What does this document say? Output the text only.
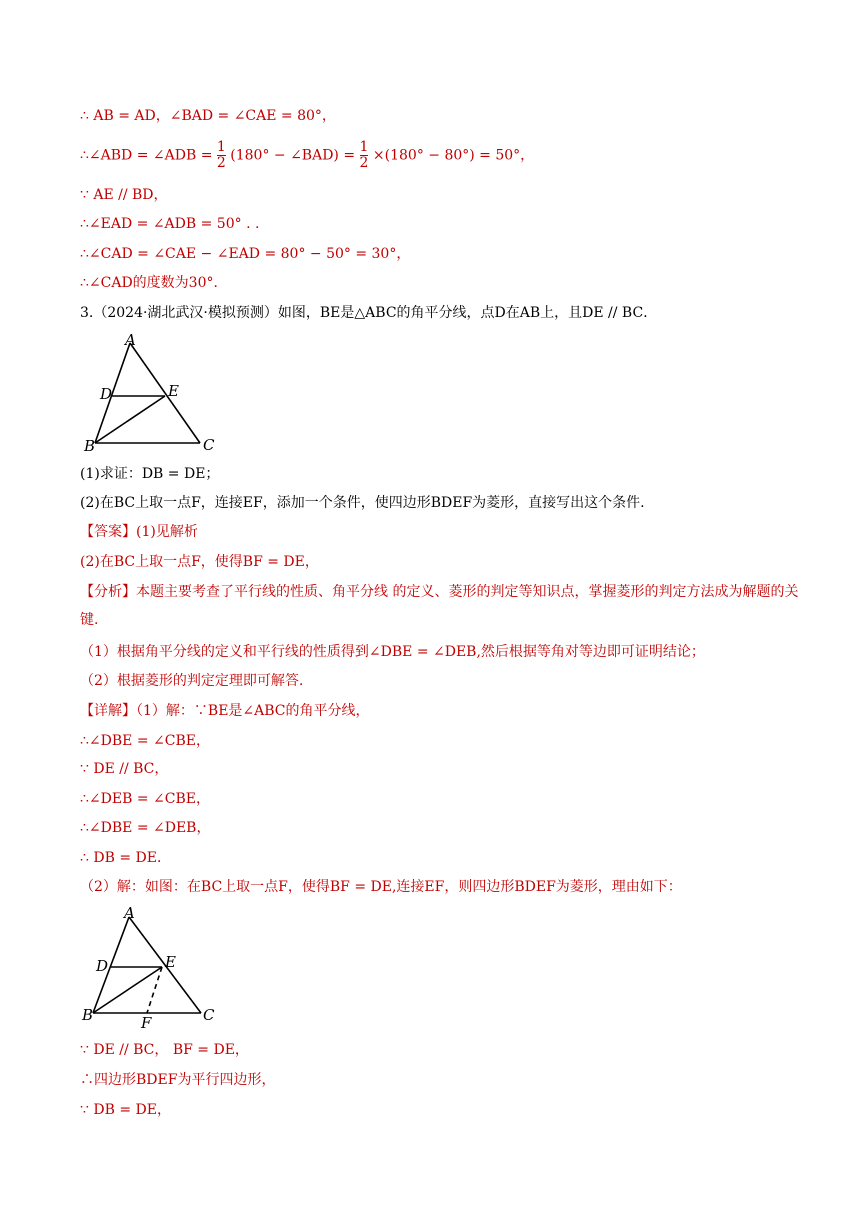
∴ AB = AD，∠BAD = ∠CAE = 80°，
∴∠ABD = ∠ADB = $\frac{1}{2} (180^\circ$ − ∠BAD) = $\frac{1}{2} \times(180^\circ - 80^\circ) = 50^\circ$，
∵ AE // BD，
∴∠EAD = ∠ADB = 50° . .
∴∠CAD = ∠CAE − ∠EAD = 80° − 50° = 30°，
∴∠CAD的度数为30°．
3.（2024·湖北武汉·模拟预测）如图，BE是△ABC的角平分线，点D在AB上，且DE // BC．
A
D	E
B	C
(1)求证：DB = DE；
(2)在BC上取一点F，连接EF，添加一个条件，使四边形BDEF为菱形，直接写出这个条件.
【答案】(1)见解析
(2)在BC上取一点F，使得BF = DE，
【分析】本题主要考查了平行线的性质、角平分线 的定义、菱形的判定等知识点，掌握菱形的判定方法成为解题的关键.
（1）根据角平分线的定义和平行线的性质得到∠DBE = ∠DEB,然后根据等角对等边即可证明结论；
（2）根据菱形的判定定理即可解答.
【详解】（1）解：∵BE是∠ABC的角平分线，
∴∠DBE = ∠CBE，
∵ DE // BC，
∴∠DEB = ∠CBE，
∴∠DBE = ∠DEB，
∴ DB = DE．
（2）解：如图：在BC上取一点F，使得BF = DE,连接EF，则四边形BDEF为菱形，理由如下：
A
D	E
B	F	C
∵ DE // BC， BF = DE，
∴四边形BDEF为平行四边形，
∵ DB = DE，
